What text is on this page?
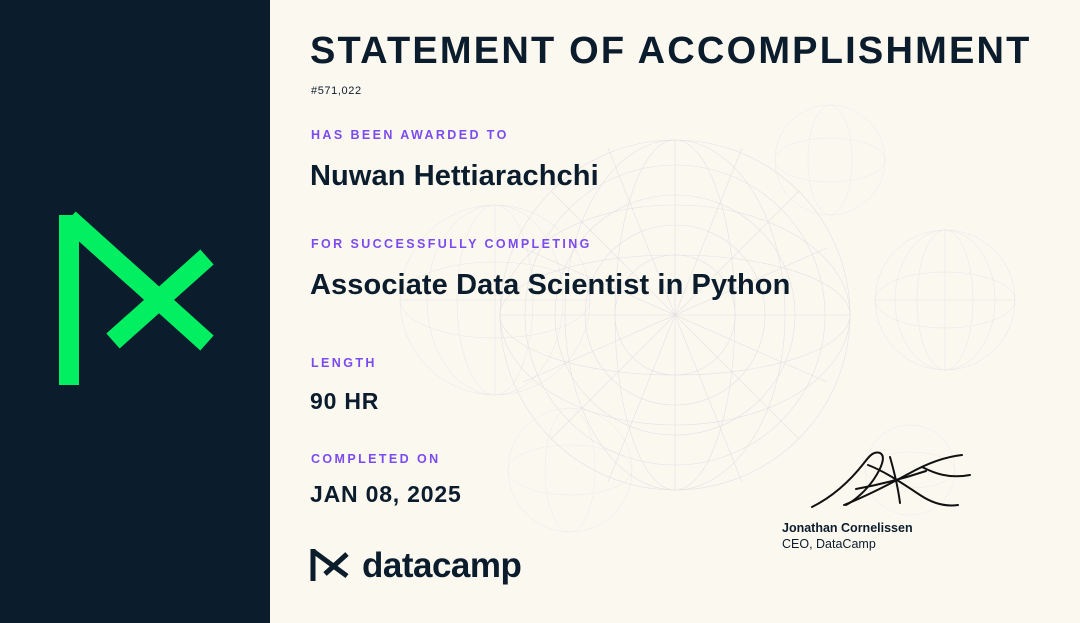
STATEMENT OF ACCOMPLISHMENT
#571,022
HAS BEEN AWARDED TO
Nuwan Hettiarachchi
FOR SUCCESSFULLY COMPLETING
Associate Data Scientist in Python
LENGTH
90 HR
COMPLETED ON
JAN 08, 2025
datacamp
Jonathan Cornelissen
CEO, DataCamp
